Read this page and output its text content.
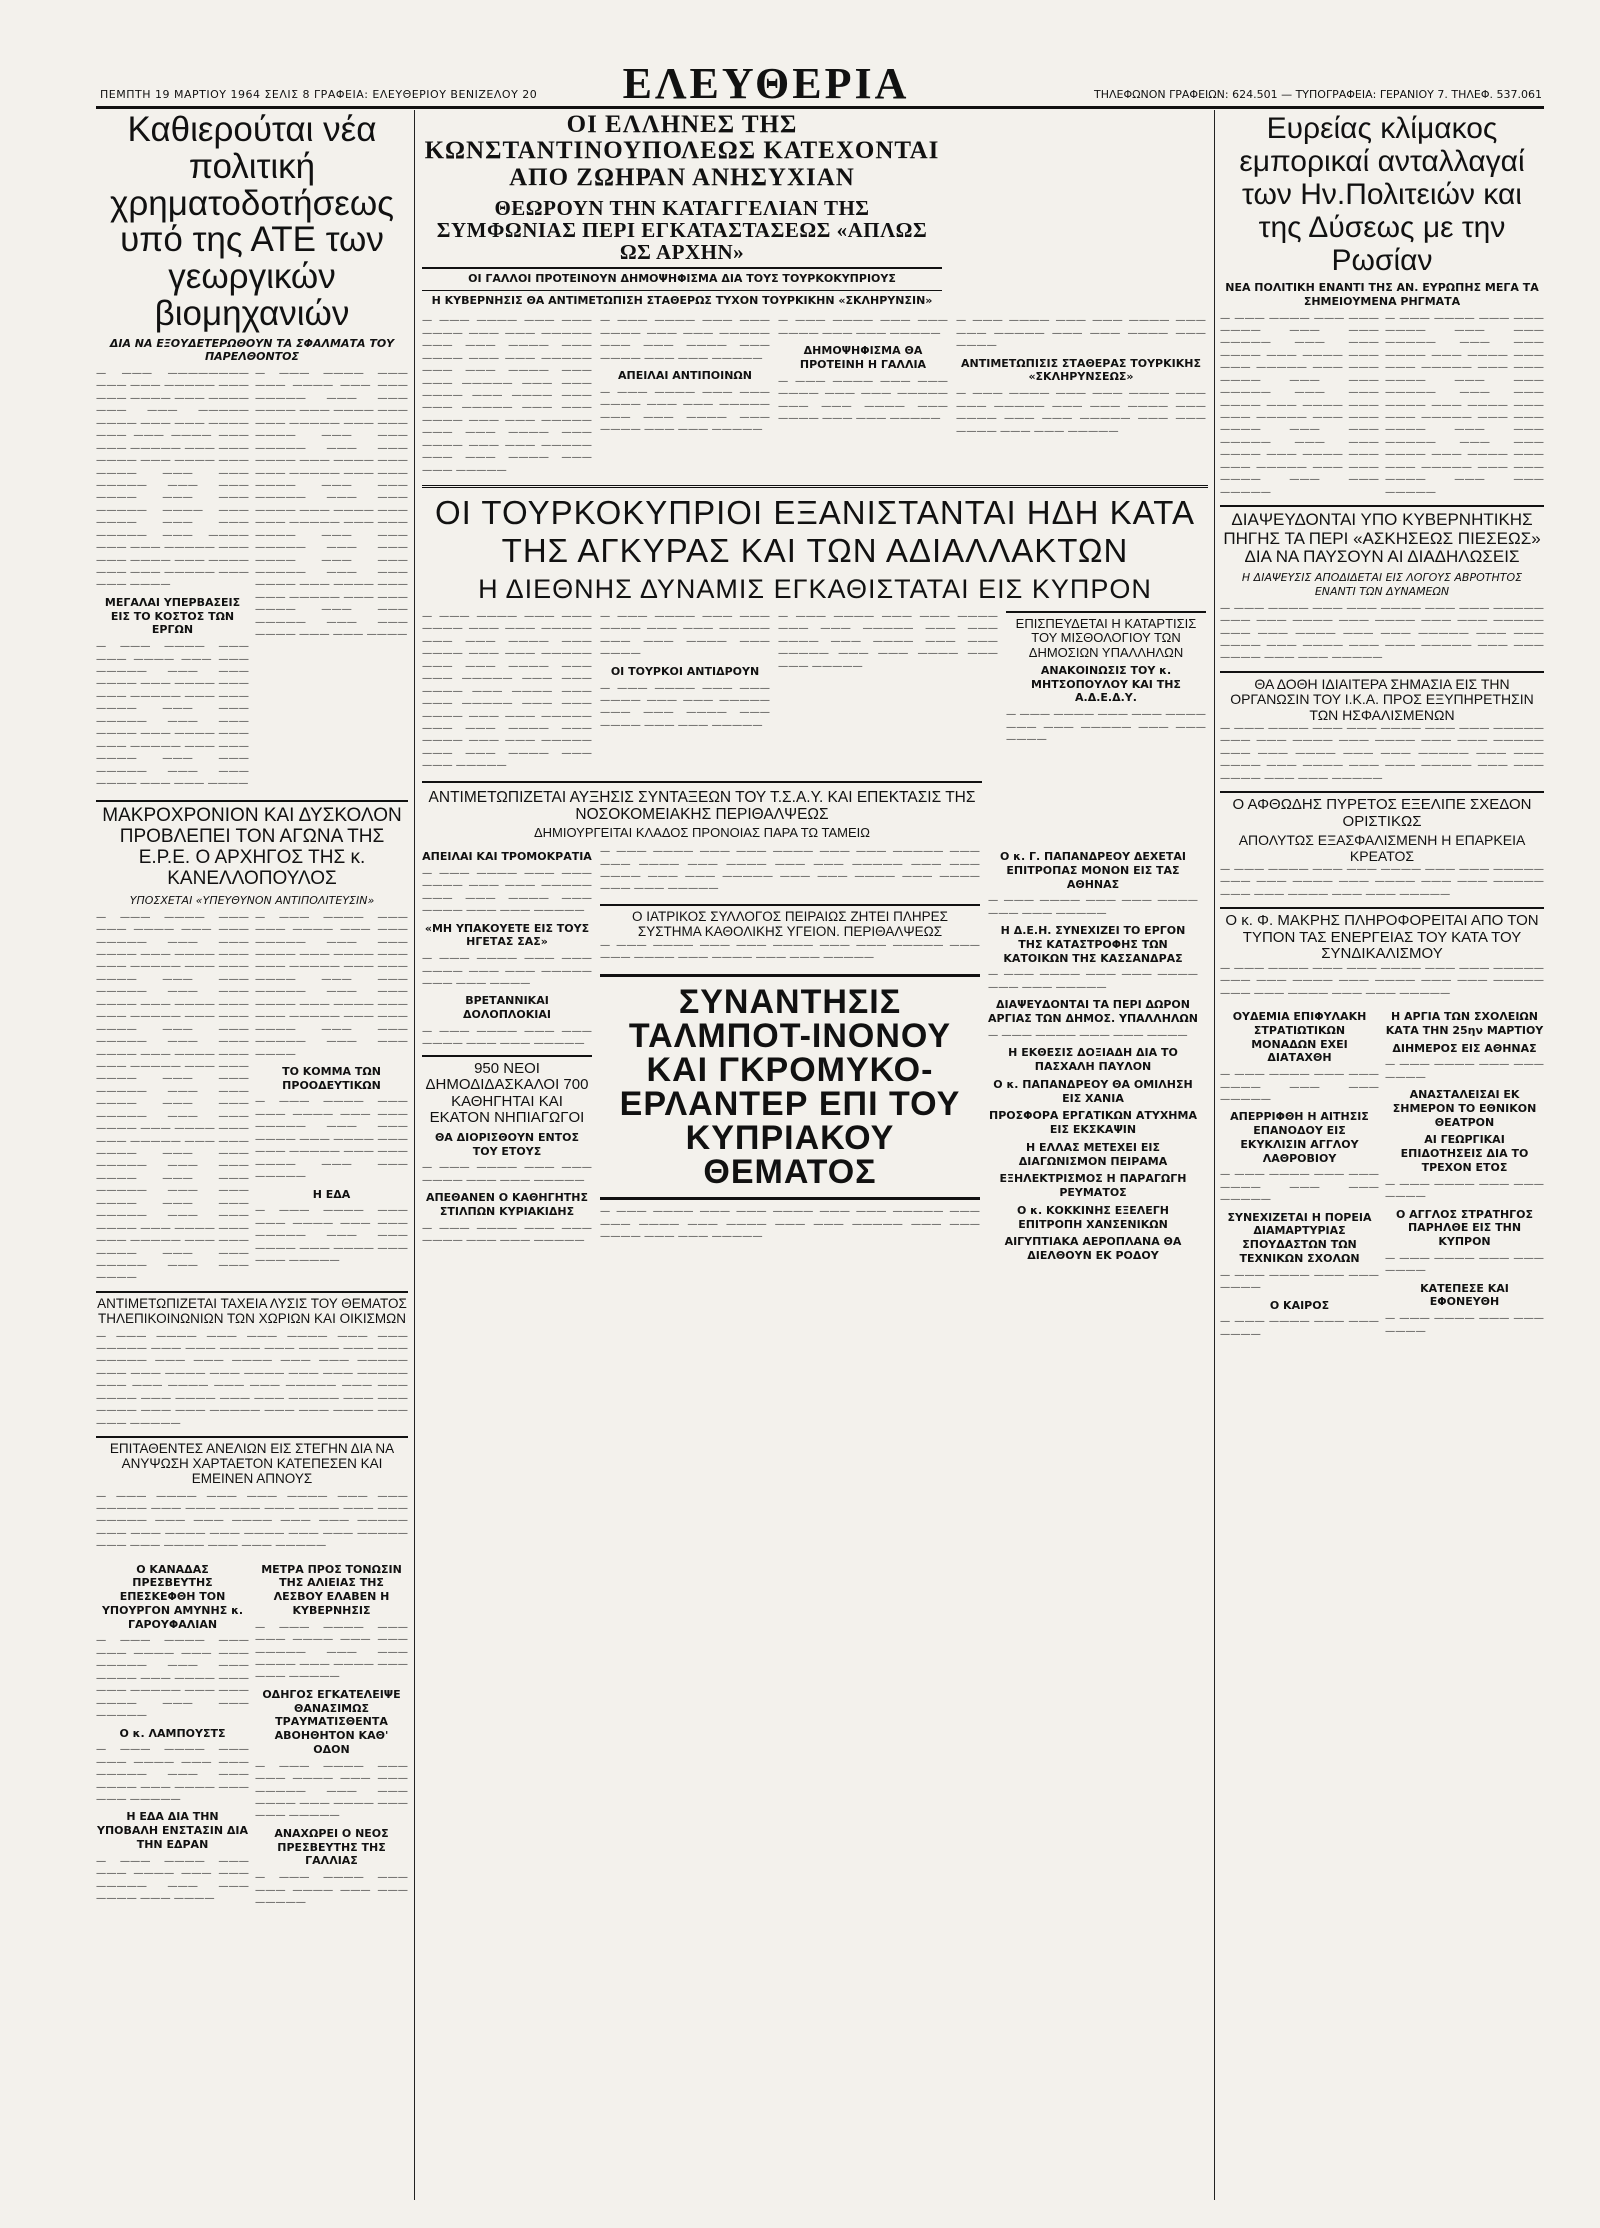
ΠΕΜΠΤΗ 19 ΜΑΡΤΙΟΥ 1964 ΣΕΛΙΣ 8 ΓΡΑΦΕΙΑ: ΕΛΕΥΘΕΡΙΟΥ ΒΕΝΙΖΕΛΟΥ 20	ΤΗΛΕΦΩΝΟΝ ΓΡΑΦΕΙΩΝ: 624.501 — ΤΥΠΟΓΡΑΦΕΙΑ: ΓΕΡΑΝΙΟΥ 7. ΤΗΛΕΦ. 537.061
ΕΛΕΥΘΕΡΙΑ
Καθιερούται νέα πολιτική χρηματοδοτήσεως υπό της ΑΤΕ των γεωργικών βιομηχανιών
ΔΙΑ ΝΑ ΕΞΟΥΔΕΤΕΡΩΘΟΥΝ ΤΑ ΣΦΑΛΜΑΤΑ ΤΟΥ ΠΑΡΕΛΘΟΝΤΟΣ

— ——— ———————— ——— ——— ————— ——— ——— ———— ——— ———— ——— ——— ————— ———— ——— ——— ———— ——— ——— ———— ——— ——— ————— ——— ——— ———— ——— ———— ——— ———— ——— ——— ————— ——— ——— ———— ——— ——— ————— ———— ——— ———— ——— ——— ————— ——— ———— ——— ——— ————— ——— ——— ———— ——— ———— ——— ——— ————— ——— ——— ————

ΜΕΓΑΛΑΙ ΥΠΕΡΒΑΣΕΙΣ ΕΙΣ ΤΟ ΚΟΣΤΟΣ ΤΩΝ ΕΡΓΩΝ

— ——— ———— ——— ——— ———— ——— ——— ————— ——— ——— ———— ——— ———— ——— ——— ————— ——— ——— ———— ——— ——— ————— ——— ——— ———— ——— ———— ——— ——— ————— ——— ——— ———— ——— ——— ————— ——— ——— ———— ——— ——— ————

— ——— ———— ——— ——— ———— ——— ——— ————— ——— ——— ———— ——— ———— ——— ——— ————— ——— ——— ———— ——— ——— ————— ——— ——— ———— ——— ———— ——— ——— ————— ——— ——— ———— ——— ——— ————— ——— ——— ———— ——— ———— ——— ——— ————— ——— ——— ———— ——— ——— ————— ——— ——— ———— ——— ——— ————— ——— ——— ———— ——— ———— ——— ——— ————— ——— ——— ———— ——— ——— ————— ——— ——— ———— ——— ——— ————

ΜΑΚΡΟΧΡΟΝΙΟΝ ΚΑΙ ΔΥΣΚΟΛΟΝ ΠΡΟΒΛΕΠΕΙ ΤΟΝ ΑΓΩΝΑ ΤΗΣ Ε.Ρ.Ε. Ο ΑΡΧΗΓΟΣ ΤΗΣ κ. ΚΑΝΕΛΛΟΠΟΥΛΟΣ
ΥΠΟΣΧΕΤΑΙ «ΥΠΕΥΘΥΝΟΝ ΑΝΤΙΠΟΛΙΤΕΥΣΙΝ»

— ——— ———— ——— ——— ———— ——— ——— ————— ——— ——— ———— ——— ———— ——— ——— ————— ——— ——— ———— ——— ——— ————— ——— ——— ———— ——— ———— ——— ——— ————— ——— ——— ———— ——— ——— ————— ——— ——— ———— ——— ———— ——— ——— ————— ——— ——— ———— ——— ——— ————— ——— ——— ———— ——— ——— ————— ——— ——— ———— ——— ———— ——— ——— ————— ——— ——— ———— ——— ——— ————— ——— ——— ———— ——— ——— ————— ——— ——— ———— ——— ——— ————— ——— ——— ———— ——— ———— ——— ——— ————— ——— ——— ———— ——— ——— ————— ——— ——— ————

— ——— ———— ——— ——— ———— ——— ——— ————— ——— ——— ———— ——— ———— ——— ——— ————— ——— ——— ———— ——— ——— ————— ——— ——— ———— ——— ———— ——— ——— ————— ——— ——— ———— ——— ——— ————— ——— ——— ————

ΤΟ ΚΟΜΜΑ ΤΩΝ ΠΡΟΟΔΕΥΤΙΚΩΝ

— ——— ———— ——— ——— ———— ——— ——— ————— ——— ——— ———— ——— ———— ——— ——— ————— ——— ——— ———— ——— ——— —————

Η ΕΔΑ

— ——— ———— ——— ——— ———— ——— ——— ————— ——— ——— ———— ——— ———— ——— ——— —————

ΑΝΤΙΜΕΤΩΠΙΖΕΤΑΙ ΤΑΧΕΙΑ ΛΥΣΙΣ ΤΟΥ ΘΕΜΑΤΟΣ ΤΗΛΕΠΙΚΟΙΝΩΝΙΩΝ ΤΩΝ ΧΩΡΙΩΝ ΚΑΙ ΟΙΚΙΣΜΩΝ

— ——— ———— ——— ——— ———— ——— ——— ————— ——— ——— ———— ——— ———— ——— ——— ————— ——— ——— ———— ——— ——— ————— ——— ——— ———— ——— ———— ——— ——— ————— ——— ——— ———— ——— ——— ————— ——— ——— ———— ——— ———— ——— ——— ————— ——— ——— ———— ——— ——— ————— ——— ——— ———— ——— ——— —————

ΕΠΙΤΑΘΕΝΤΕΣ ΑΝΕΛΙΩΝ ΕΙΣ ΣΤΕΓΗΝ ΔΙΑ ΝΑ ΑΝΥΨΩΣΗ ΧΑΡΤΑΕΤΟΝ ΚΑΤΕΠΕΣΕΝ ΚΑΙ ΕΜΕΙΝΕΝ ΑΠΝΟΥΣ

— ——— ———— ——— ——— ———— ——— ——— ————— ——— ——— ———— ——— ———— ——— ——— ————— ——— ——— ———— ——— ——— ————— ——— ——— ———— ——— ———— ——— ——— ————— ——— ——— ———— ——— ——— —————

Ο ΚΑΝΑΔΑΣ ΠΡΕΣΒΕΥΤΗΣ ΕΠΕΣΚΕΦΘΗ ΤΟΝ ΥΠΟΥΡΓΟΝ ΑΜΥΝΗΣ κ. ΓΑΡΟΥΦΑΛΙΑΝ

— ——— ———— ——— ——— ———— ——— ——— ————— ——— ——— ———— ——— ———— ——— ——— ————— ——— ——— ———— ——— ——— —————

Ο κ. ΛΑΜΠΟΥΣΤΣ

— ——— ———— ——— ——— ———— ——— ——— ————— ——— ——— ———— ——— ———— ——— ——— —————

Η ΕΔΑ ΔΙΑ ΤΗΝ ΥΠΟΒΑΛΗ ΕΝΣΤΑΣΙΝ ΔΙΑ ΤΗΝ ΕΔΡΑΝ

— ——— ———— ——— ——— ———— ——— ——— ————— ——— ——— ———— ——— ————

ΜΕΤΡΑ ΠΡΟΣ ΤΟΝΩΣΙΝ ΤΗΣ ΑΛΙΕΙΑΣ ΤΗΣ ΛΕΣΒΟΥ ΕΛΑΒΕΝ Η ΚΥΒΕΡΝΗΣΙΣ

— ——— ———— ——— ——— ———— ——— ——— ————— ——— ——— ———— ——— ———— ——— ——— —————

ΟΔΗΓΟΣ ΕΓΚΑΤΕΛΕΙΨΕ ΘΑΝΑΣΙΜΩΣ ΤΡΑΥΜΑΤΙΣΘΕΝΤΑ ΑΒΟΗΘΗΤΟΝ ΚΑΘ' ΟΔΟΝ

— ——— ———— ——— ——— ———— ——— ——— ————— ——— ——— ———— ——— ———— ——— ——— —————

ΑΝΑΧΩΡΕΙ Ο ΝΕΟΣ ΠΡΕΣΒΕΥΤΗΣ ΤΗΣ ΓΑΛΛΙΑΣ

— ——— ———— ——— ——— ———— ——— ——— —————

ΟΙ ΕΛΛΗΝΕΣ ΤΗΣ ΚΩΝΣΤΑΝΤΙΝΟΥΠΟΛΕΩΣ ΚΑΤΕΧΟΝΤΑΙ ΑΠΟ ΖΩΗΡΑΝ ΑΝΗΣΥΧΙΑΝ
ΘΕΩΡΟΥΝ ΤΗΝ ΚΑΤΑΓΓΕΛΙΑΝ ΤΗΣ ΣΥΜΦΩΝΙΑΣ ΠΕΡΙ ΕΓΚΑΤΑΣΤΑΣΕΩΣ «ΑΠΛΩΣ ΩΣ ΑΡΧΗΝ»
ΟΙ ΓΑΛΛΟΙ ΠΡΟΤΕΙΝΟΥΝ ΔΗΜΟΨΗΦΙΣΜΑ ΔΙΑ ΤΟΥΣ ΤΟΥΡΚΟΚΥΠΡΙΟΥΣ
Η ΚΥΒΕΡΝΗΣΙΣ ΘΑ ΑΝΤΙΜΕΤΩΠΙΣΗ ΣΤΑΘΕΡΩΣ ΤΥΧΟΝ ΤΟΥΡΚΙΚΗΝ «ΣΚΛΗΡΥΝΣΙΝ»

— ——— ———— ——— ——— ———— ——— ——— ————— ——— ——— ———— ——— ———— ——— ——— ————— ——— ——— ———— ——— ——— ————— ——— ——— ———— ——— ———— ——— ——— ————— ——— ——— ———— ——— ——— ————— ——— ——— ———— ——— ———— ——— ——— ————— ——— ——— ———— ——— ——— —————

— ——— ———— ——— ——— ———— ——— ——— ————— ——— ——— ———— ——— ———— ——— ——— —————

ΑΠΕΙΛΑΙ ΑΝΤΙΠΟΙΝΩΝ

— ——— ———— ——— ——— ———— ——— ——— ————— ——— ——— ———— ——— ———— ——— ——— —————

— ——— ———— ——— ——— ———— ——— ——— —————

ΔΗΜΟΨΗΦΙΣΜΑ ΘΑ ΠΡΟΤΕΙΝΗ Η ΓΑΛΛΙΑ

— ——— ———— ——— ——— ———— ——— ——— ————— ——— ——— ———— ——— ———— ——— ——— —————

— ——— ———— ——— ——— ———— ——— ——— ————— ——— ——— ———— ——— ————

ΑΝΤΙΜΕΤΩΠΙΣΙΣ ΣΤΑΘΕΡΑΣ ΤΟΥΡΚΙΚΗΣ «ΣΚΛΗΡΥΝΣΕΩΣ»

— ——— ———— ——— ——— ———— ——— ——— ————— ——— ——— ———— ——— ———— ——— ——— ————— ——— ——— ———— ——— ——— —————

ΟΙ ΤΟΥΡΚΟΚΥΠΡΙΟΙ ΕΞΑΝΙΣΤΑΝΤΑΙ ΗΔΗ ΚΑΤΑ ΤΗΣ ΑΓΚΥΡΑΣ ΚΑΙ ΤΩΝ ΑΔΙΑΛΛΑΚΤΩΝ
Η ΔΙΕΘΝΗΣ ΔΥΝΑΜΙΣ ΕΓΚΑΘΙΣΤΑΤΑΙ ΕΙΣ ΚΥΠΡΟΝ

— ——— ———— ——— ——— ———— ——— ——— ————— ——— ——— ———— ——— ———— ——— ——— ————— ——— ——— ———— ——— ——— ————— ——— ——— ———— ——— ———— ——— ——— ————— ——— ——— ———— ——— ——— ————— ——— ——— ———— ——— ———— ——— ——— ————— ——— ——— ———— ——— ——— —————

— ——— ———— ——— ——— ———— ——— ——— ————— ——— ——— ———— ——— ————

ΟΙ ΤΟΥΡΚΟΙ ΑΝΤΙΔΡΟΥΝ

— ——— ———— ——— ——— ———— ——— ——— ————— ——— ——— ———— ——— ———— ——— ——— —————

— ——— ———— ——— ——— ———— ——— ——— ————— ——— ——— ———— ——— ———— ——— ——— ————— ——— ——— ———— ——— ——— —————

ΕΠΙΣΠΕΥΔΕΤΑΙ Η ΚΑΤΑΡΤΙΣΙΣ ΤΟΥ ΜΙΣΘΟΛΟΓΙΟΥ ΤΩΝ ΔΗΜΟΣΙΩΝ ΥΠΑΛΛΗΛΩΝ
ΑΝΑΚΟΙΝΩΣΙΣ ΤΟΥ κ. ΜΗΤΣΟΠΟΥΛΟΥ ΚΑΙ ΤΗΣ Α.Δ.Ε.Δ.Υ.

— ——— ———— ——— ——— ———— ——— ——— ————— ——— ——— ————

ΑΝΤΙΜΕΤΩΠΙΖΕΤΑΙ ΑΥΞΗΣΙΣ ΣΥΝΤΑΞΕΩΝ ΤΟΥ Τ.Σ.Α.Υ. ΚΑΙ ΕΠΕΚΤΑΣΙΣ ΤΗΣ ΝΟΣΟΚΟΜΕΙΑΚΗΣ ΠΕΡΙΘΑΛΨΕΩΣ
ΔΗΜΙΟΥΡΓΕΙΤΑΙ ΚΛΑΔΟΣ ΠΡΟΝΟΙΑΣ ΠΑΡΑ ΤΩ ΤΑΜΕΙΩ
ΑΠΕΙΛΑΙ ΚΑΙ ΤΡΟΜΟΚΡΑΤΙΑ

— ——— ———— ——— ——— ———— ——— ——— ————— ——— ——— ———— ——— ———— ——— ——— —————

«ΜΗ ΥΠΑΚΟΥΕΤΕ ΕΙΣ ΤΟΥΣ ΗΓΕΤΑΣ ΣΑΣ»

— ——— ———— ——— ——— ———— ——— ——— ————— ——— ——— ————

ΒΡΕΤΑΝΝΙΚΑΙ ΔΟΛΟΠΛΟΚΙΑΙ

— ——— ———— ——— ——— ———— ——— ——— —————

950 ΝΕΟΙ ΔΗΜΟΔΙΔΑΣΚΑΛΟΙ 700 ΚΑΘΗΓΗΤΑΙ ΚΑΙ ΕΚΑΤΟΝ ΝΗΠΙΑΓΩΓΟΙ
ΘΑ ΔΙΟΡΙΣΘΟΥΝ ΕΝΤΟΣ ΤΟΥ ΕΤΟΥΣ

— ——— ———— ——— ——— ———— ——— ——— —————

ΑΠΕΘΑΝΕΝ Ο ΚΑΘΗΓΗΤΗΣ ΣΤΙΛΠΩΝ ΚΥΡΙΑΚΙΔΗΣ

— ——— ———— ——— ——— ———— ——— ——— —————

— ——— ———— ——— ——— ———— ——— ——— ————— ——— ——— ———— ——— ———— ——— ——— ————— ——— ——— ———— ——— ——— ————— ——— ——— ———— ——— ———— ——— ——— —————

Ο ΙΑΤΡΙΚΟΣ ΣΥΛΛΟΓΟΣ ΠΕΙΡΑΙΩΣ ΖΗΤΕΙ ΠΛΗΡΕΣ ΣΥΣΤΗΜΑ ΚΑΘΟΛΙΚΗΣ ΥΓΕΙΟΝ. ΠΕΡΙΘΑΛΨΕΩΣ

— ——— ———— ——— ——— ———— ——— ——— ————— ——— ——— ———— ——— ———— ——— ——— —————

ΣΥΝΑΝΤΗΣΙΣ ΤΑΛΜΠΟΤ-ΙΝΟΝΟΥ ΚΑΙ ΓΚΡΟΜΥΚΟ-ΕΡΛΑΝΤΕΡ ΕΠΙ ΤΟΥ ΚΥΠΡΙΑΚΟΥ ΘΕΜΑΤΟΣ

— ——— ———— ——— ——— ———— ——— ——— ————— ——— ——— ———— ——— ———— ——— ——— ————— ——— ——— ———— ——— ——— —————

Ο κ. Γ. ΠΑΠΑΝΔΡΕΟΥ ΔΕΧΕΤΑΙ ΕΠΙΤΡΟΠΑΣ ΜΟΝΟΝ ΕΙΣ ΤΑΣ ΑΘΗΝΑΣ

— ——— ———— ——— ——— ———— ——— ——— —————

Η Δ.Ε.Η. ΣΥΝΕΧΙΖΕΙ ΤΟ ΕΡΓΟΝ ΤΗΣ ΚΑΤΑΣΤΡΟΦΗΣ ΤΩΝ ΚΑΤΟΙΚΩΝ ΤΗΣ ΚΑΣΣΑΝΔΡΑΣ

— ——— ———— ——— ——— ———— ——— ——— —————

ΔΙΑΨΕΥΔΟΝΤΑΙ ΤΑ ΠΕΡΙ ΔΩΡΟΝ ΑΡΓΙΑΣ ΤΩΝ ΔΗΜΟΣ. ΥΠΑΛΛΗΛΩΝ

— ——— ———— ——— ——— ————

Η ΕΚΘΕΣΙΣ ΔΟΞΙΑΔΗ ΔΙΑ ΤΟ ΠΑΣΧΑΛΗ ΠΑΥΛΟΝ
Ο κ. ΠΑΠΑΝΔΡΕΟΥ ΘΑ ΟΜΙΛΗΣΗ ΕΙΣ ΧΑΝΙΑ
ΠΡΟΣΦΟΡΑ ΕΡΓΑΤΙΚΩΝ ΑΤΥΧΗΜΑ ΕΙΣ ΕΚΣΚΑΨΙΝ
Η ΕΛΛΑΣ ΜΕΤΕΧΕΙ ΕΙΣ ΔΙΑΓΩΝΙΣΜΟΝ ΠΕΙΡΑΜΑ
ΕΞΗΛΕΚΤΡΙΣΜΟΣ Η ΠΑΡΑΓΩΓΗ ΡΕΥΜΑΤΟΣ
Ο κ. ΚΟΚΚΙΝΗΣ ΕΞΕΛΕΓΗ ΕΠΙΤΡΟΠΗ ΧΑΝΣΕΝΙΚΩΝ
ΑΙΓΥΠΤΙΑΚΑ ΑΕΡΟΠΛΑΝΑ ΘΑ ΔΙΕΛΘΟΥΝ ΕΚ ΡΟΔΟΥ
Ευρείας κλίμακος εμπορικαί ανταλλαγαί των Ην.Πολιτειών και της Δύσεως με την Ρωσίαν
ΝΕΑ ΠΟΛΙΤΙΚΗ ΕΝΑΝΤΙ ΤΗΣ ΑΝ. ΕΥΡΩΠΗΣ ΜΕΓΑ ΤΑ ΣΗΜΕΙΟΥΜΕΝΑ ΡΗΓΜΑΤΑ

— ——— ———— ——— ——— ———— ——— ——— ————— ——— ——— ———— ——— ———— ——— ——— ————— ——— ——— ———— ——— ——— ————— ——— ——— ———— ——— ———— ——— ——— ————— ——— ——— ———— ——— ——— ————— ——— ——— ———— ——— ———— ——— ——— ————— ——— ——— ———— ——— ——— —————

— ——— ———— ——— ——— ———— ——— ——— ————— ——— ——— ———— ——— ———— ——— ——— ————— ——— ——— ———— ——— ——— ————— ——— ——— ———— ——— ———— ——— ——— ————— ——— ——— ———— ——— ——— ————— ——— ——— ———— ——— ———— ——— ——— ————— ——— ——— ———— ——— ——— —————

ΔΙΑΨΕΥΔΟΝΤΑΙ ΥΠΟ ΚΥΒΕΡΝΗΤΙΚΗΣ ΠΗΓΗΣ ΤΑ ΠΕΡΙ «ΑΣΚΗΣΕΩΣ ΠΙΕΣΕΩΣ» ΔΙΑ ΝΑ ΠΑΥΣΟΥΝ ΑΙ ΔΙΑΔΗΛΩΣΕΙΣ
Η ΔΙΑΨΕΥΣΙΣ ΑΠΟΔΙΔΕΤΑΙ ΕΙΣ ΛΟΓΟΥΣ ΑΒΡΟΤΗΤΟΣ ΕΝΑΝΤΙ ΤΩΝ ΔΥΝΑΜΕΩΝ

— ——— ———— ——— ——— ———— ——— ——— ————— ——— ——— ———— ——— ———— ——— ——— ————— ——— ——— ———— ——— ——— ————— ——— ——— ———— ——— ———— ——— ——— ————— ——— ——— ———— ——— ——— —————

ΘΑ ΔΟΘΗ ΙΔΙΑΙΤΕΡΑ ΣΗΜΑΣΙΑ ΕΙΣ ΤΗΝ ΟΡΓΑΝΩΣΙΝ ΤΟΥ Ι.Κ.Α. ΠΡΟΣ ΕΞΥΠΗΡΕΤΗΣΙΝ ΤΩΝ ΗΣΦΑΛΙΣΜΕΝΩΝ

— ——— ———— ——— ——— ———— ——— ——— ————— ——— ——— ———— ——— ———— ——— ——— ————— ——— ——— ———— ——— ——— ————— ——— ——— ———— ——— ———— ——— ——— ————— ——— ——— ———— ——— ——— —————

Ο ΑΦΘΩΔΗΣ ΠΥΡΕΤΟΣ ΕΞΕΛΙΠΕ ΣΧΕΔΟΝ ΟΡΙΣΤΙΚΩΣ
ΑΠΟΛΥΤΩΣ ΕΞΑΣΦΑΛΙΣΜΕΝΗ Η ΕΠΑΡΚΕΙΑ ΚΡΕΑΤΟΣ

— ——— ———— ——— ——— ———— ——— ——— ————— ——— ——— ———— ——— ———— ——— ——— ————— ——— ——— ———— ——— ——— —————

Ο κ. Φ. ΜΑΚΡΗΣ ΠΛΗΡΟΦΟΡΕΙΤΑΙ ΑΠΟ ΤΟΝ ΤΥΠΟΝ ΤΑΣ ΕΝΕΡΓΕΙΑΣ ΤΟΥ ΚΑΤΑ ΤΟΥ ΣΥΝΔΙΚΑΛΙΣΜΟΥ

— ——— ———— ——— ——— ———— ——— ——— ————— ——— ——— ———— ——— ———— ——— ——— ————— ——— ——— ———— ——— ——— —————

ΟΥΔΕΜΙΑ ΕΠΙΦΥΛΑΚΗ ΣΤΡΑΤΙΩΤΙΚΩΝ ΜΟΝΑΔΩΝ ΕΧΕΙ ΔΙΑΤΑΧΘΗ

— ——— ———— ——— ——— ———— ——— ——— —————

ΑΠΕΡΡΙΦΘΗ Η ΑΙΤΗΣΙΣ ΕΠΑΝΟΔΟΥ ΕΙΣ ΕΚΥΚΛΙΣΙΝ ΑΓΓΛΟΥ ΛΑΘΡΟΒΙΟΥ

— ——— ———— ——— ——— ———— ——— ——— —————

ΣΥΝΕΧΙΖΕΤΑΙ Η ΠΟΡΕΙΑ ΔΙΑΜΑΡΤΥΡΙΑΣ ΣΠΟΥΔΑΣΤΩΝ ΤΩΝ ΤΕΧΝΙΚΩΝ ΣΧΟΛΩΝ

— ——— ———— ——— ——— ————

Ο ΚΑΙΡΟΣ

— ——— ———— ——— ——— ————

Η ΑΡΓΙΑ ΤΩΝ ΣΧΟΛΕΙΩΝ ΚΑΤΑ ΤΗΝ 25ην ΜΑΡΤΙΟΥ
ΔΙΗΜΕΡΟΣ ΕΙΣ ΑΘΗΝΑΣ

— ——— ———— ——— ——— ————

ΑΝΑΣΤΑΛΕΙΣΑΙ ΕΚ ΣΗΜΕΡΟΝ ΤΟ ΕΘΝΙΚΟΝ ΘΕΑΤΡΟΝ
ΑΙ ΓΕΩΡΓΙΚΑΙ ΕΠΙΔΟΤΗΣΕΙΣ ΔΙΑ ΤΟ ΤΡΕΧΟΝ ΕΤΟΣ

— ——— ———— ——— ——— ————

Ο ΑΓΓΛΟΣ ΣΤΡΑΤΗΓΟΣ ΠΑΡΗΛΘΕ ΕΙΣ ΤΗΝ ΚΥΠΡΟΝ

— ——— ———— ——— ——— ————

ΚΑΤΕΠΕΣΕ ΚΑΙ ΕΦΟΝΕΥΘΗ

— ——— ———— ——— ——— ————
